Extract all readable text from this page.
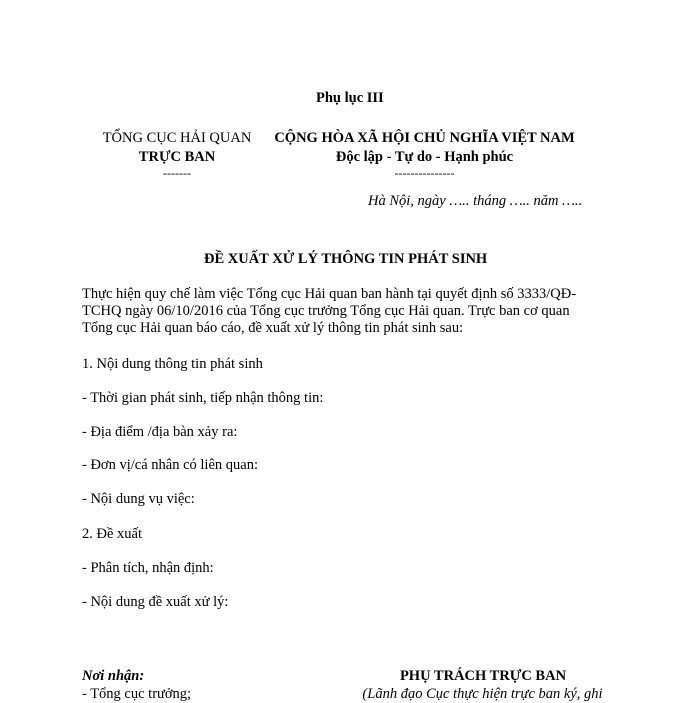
Phụ lục III
TỔNG CỤC HẢI QUAN
TRỰC BAN
-------
CỘNG HÒA XÃ HỘI CHỦ NGHĨA VIỆT NAM
Độc lập - Tự do - Hạnh phúc
---------------
Hà Nội, ngày ….. tháng ….. năm …..
ĐỀ XUẤT XỬ LÝ THÔNG TIN PHÁT SINH
Thực hiện quy chế làm việc Tổng cục Hải quan ban hành tại quyết định số 3333/QĐ-
TCHQ ngày 06/10/2016 của Tổng cục trưởng Tổng cục Hải quan. Trực ban cơ quan
Tổng cục Hải quan báo cáo, đề xuất xử lý thông tin phát sinh sau:
1. Nội dung thông tin phát sinh
- Thời gian phát sinh, tiếp nhận thông tin:
- Địa điểm /địa bàn xảy ra:
- Đơn vị/cá nhân có liên quan:
- Nội dung vụ việc:
2. Đề xuất
- Phân tích, nhận định:
- Nội dung đề xuất xử lý:
Nơi nhận:
- Tổng cục trưởng;
PHỤ TRÁCH TRỰC BAN
(Lãnh đạo Cục thực hiện trực ban ký, ghi
